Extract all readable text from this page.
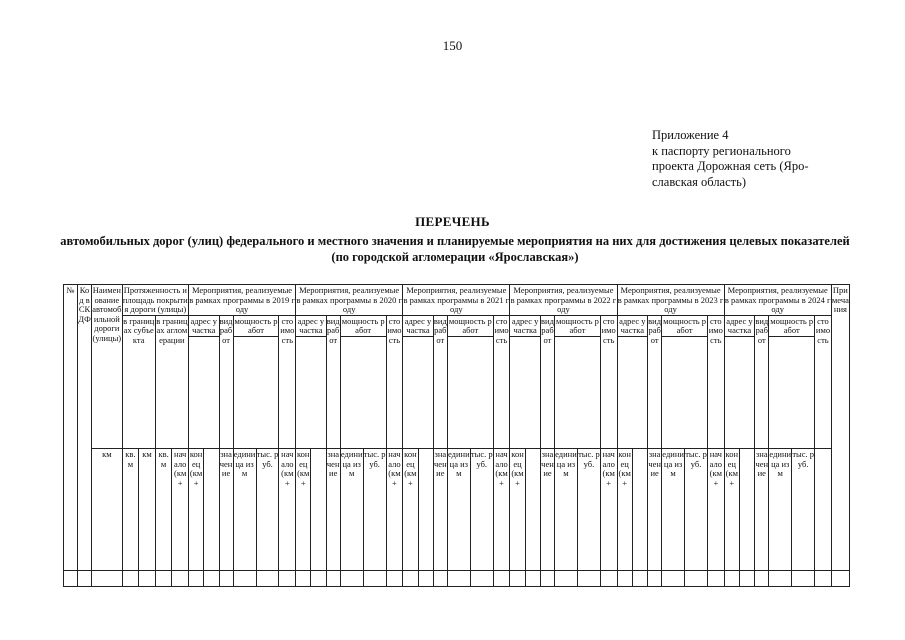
150
Приложение 4
к паспорту регионального
проекта Дорожная сеть (Яро-
славская область)
ПЕРЕЧЕНЬ
автомобильных дорог (улиц) федерального и местного значения и планируемые мероприятия на них для достижения целевых показателей (по городской агломерации «Ярославская»)
№	Код в СКДФ	Наименование автомобильной дороги (улицы)	Протяженность и площадь покрытия дороги (улицы)				Мероприятия, реализуемые в рамках программы в 2019 году						Мероприятия, реализуемые в рамках программы в 2020 году						Мероприятия, реализуемые в рамках программы в 2021 году						Мероприятия, реализуемые в рамках программы в 2022 году						Мероприятия, реализуемые в рамках программы в 2023 году						Мероприятия, реализуемые в рамках программы в 2024 году						Примечания
			в границах субъекта		в границах агломерации		адрес участка		вид работ	мощность работ		стоимость	адрес участка		вид работ	мощность работ		стоимость	адрес участка		вид работ	мощность работ		стоимость	адрес участка		вид работ	мощность работ		стоимость	адрес участка		вид работ	мощность работ		стоимость	адрес участка		вид работ	мощность работ		стоимость	

		км	кв.м	км	кв.м	начало (км+	конец (км+		значение	единица изм	тыс. руб.	начало (км+	конец (км+		значение	единица изм	тыс. руб.	начало (км+	конец (км+		значение	единица изм	тыс. руб.	начало (км+	конец (км+		значение	единица изм	тыс. руб.	начало (км+	конец (км+		значение	единица изм	тыс. руб.	начало (км+	конец (км+		значение	единица изм	тыс. руб.		
